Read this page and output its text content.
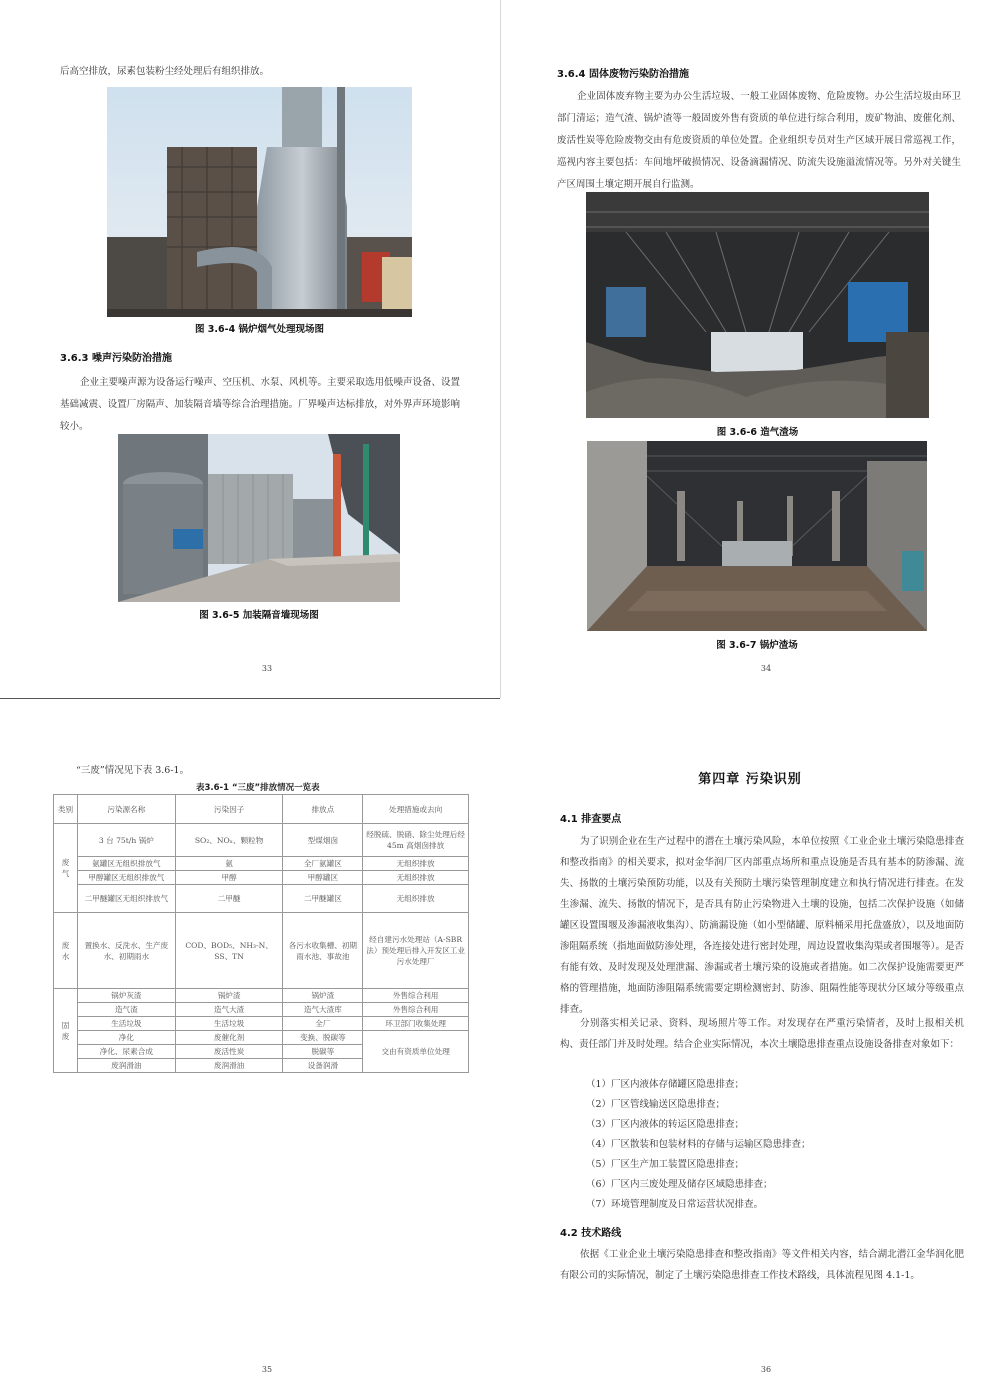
后高空排放，尿素包装粉尘经处理后有组织排放。
图 3.6-4 锅炉烟气处理现场图
3.6.3 噪声污染防治措施
企业主要噪声源为设备运行噪声、空压机、水泵、风机等。主要采取选用低噪声设备、设置基础减震、设置厂房隔声、加装隔音墙等综合治理措施。厂界噪声达标排放，对外界声环境影响较小。
图 3.6-5 加装隔音墙现场图
33
3.6.4 固体废物污染防治措施
企业固体废弃物主要为办公生活垃圾、一般工业固体废物、危险废物。办公生活垃圾由环卫部门清运；造气渣、锅炉渣等一般固废外售有资质的单位进行综合利用，废矿物油、废催化剂、废活性炭等危险废物交由有危废资质的单位处置。企业组织专员对生产区域开展日常巡视工作，巡视内容主要包括：车间地坪破损情况、设备滴漏情况、防流失设施溢流情况等。另外对关键生产区周围土壤定期开展自行监测。
图 3.6-6 造气渣场
图 3.6-7 锅炉渣场
34
“三废”情况见下表 3.6-1。
表3.6-1 “三废”排放情况一览表
类别	污染源名称	污染因子	排放点	处理措施或去向
废气	3 台 75t/h 锅炉	SO₂、NOₓ、颗粒物	型煤烟囱	经脱硫、脱硝、除尘处理后经 45m 高烟囱排放
	氨罐区无组织排放气	氨	全厂氨罐区	无组织排放
	甲醇罐区无组织排放气	甲醇	甲醇罐区	无组织排放
	二甲醚罐区无组织排放气	二甲醚	二甲醚罐区	无组织排放
废水	置换水、反洗水、生产废水、初期雨水	COD、BOD₅、NH₃-N、SS、TN	各污水收集槽、初期雨水池、事故池	经自建污水处理站（A-SBR 法）预处理后排入开发区工业污水处理厂
固废	锅炉灰渣	锅炉渣	锅炉渣	外售综合利用
	造气渣	造气大渣	造气大渣库	外售综合利用
	生活垃圾	生活垃圾	全厂	环卫部门收集处理
	净化	废催化剂	变换、脱碳等	交由有资质单位处理
	净化、尿素合成	废活性炭	脱碳等	
	废润滑油	废润滑油	设备润滑	
35
第四章 污染识别
4.1 排查要点
为了识别企业在生产过程中的潜在土壤污染风险，本单位按照《工业企业土壤污染隐患排查和整改指南》的相关要求，拟对金华润厂区内部重点场所和重点设施是否具有基本的防渗漏、流失、扬散的土壤污染预防功能，以及有关预防土壤污染管理制度建立和执行情况进行排查。在发生渗漏、流失、扬散的情况下，是否具有防止污染物进入土壤的设施，包括二次保护设施（如储罐区设置围堰及渗漏液收集沟）、防滴漏设施（如小型储罐、原料桶采用托盘盛放），以及地面防渗阻隔系统（指地面做防渗处理，各连接处进行密封处理，周边设置收集沟渠或者围堰等）。是否有能有效、及时发现及处理泄漏、渗漏或者土壤污染的设施或者措施。如二次保护设施需要更严格的管理措施，地面防渗阻隔系统需要定期检测密封、防渗、阻隔性能等现状分区域分等级重点排查。
分别落实相关记录、资料、现场照片等工作。对发现存在严重污染情者，及时上报相关机构、责任部门并及时处理。结合企业实际情况，本次土壤隐患排查重点设施设备排查对象如下：
（1）厂区内液体存储罐区隐患排查；
（2）厂区管线输送区隐患排查；
（3）厂区内液体的转运区隐患排查；
（4）厂区散装和包装材料的存储与运输区隐患排查；
（5）厂区生产加工装置区隐患排查；
（6）厂区内三废处理及储存区域隐患排查；
（7）环境管理制度及日常运营状况排查。
4.2 技术路线
依据《工业企业土壤污染隐患排查和整改指南》等文件相关内容，结合湖北潜江金华润化肥有限公司的实际情况，制定了土壤污染隐患排查工作技术路线，具体流程见图 4.1-1。
36
